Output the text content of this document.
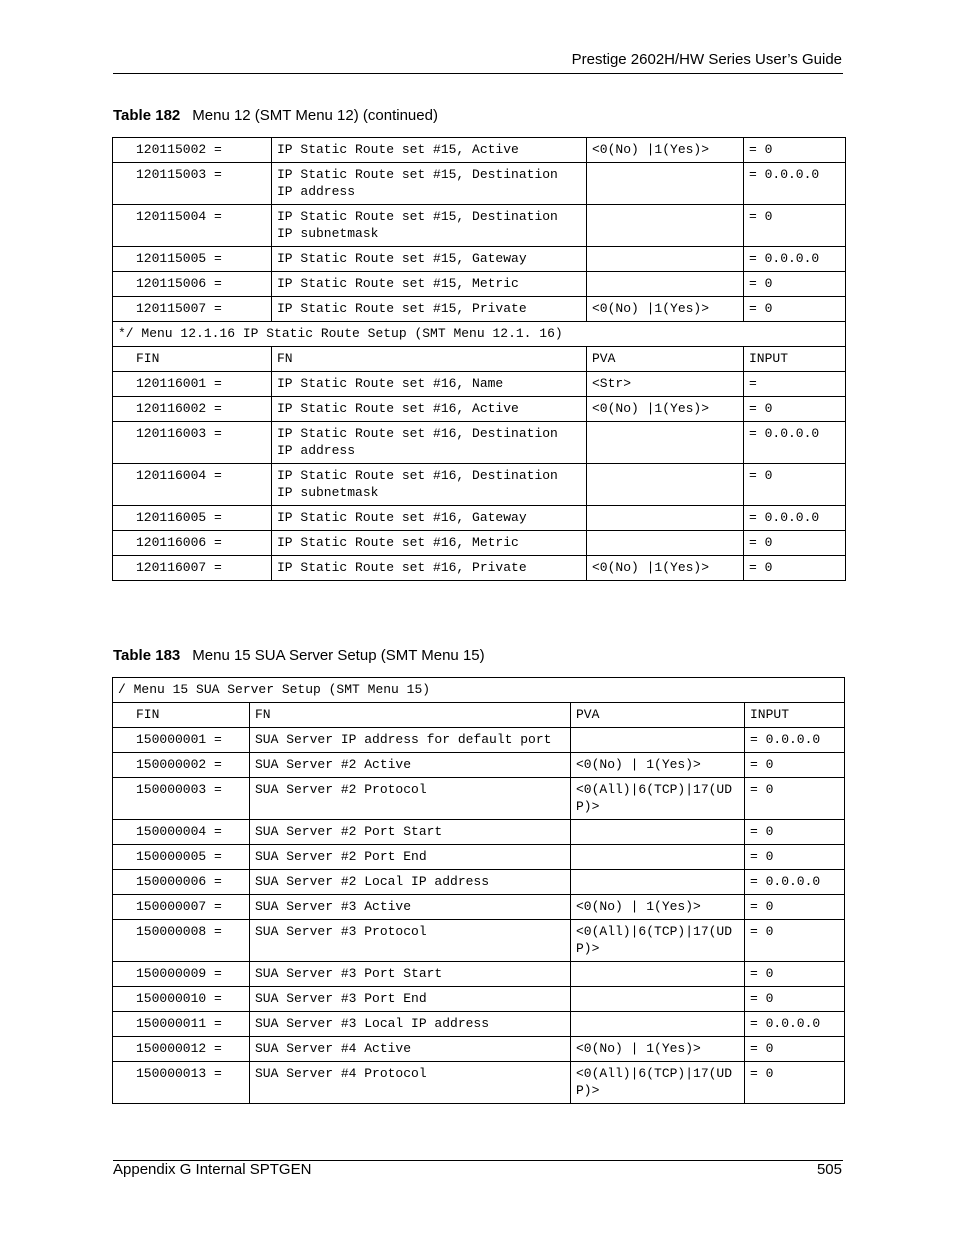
Prestige 2602H/HW Series User’s Guide
Table 182 Menu 12 (SMT Menu 12) (continued)
120115002 =	IP Static Route set #15, Active	<0(No) |1(Yes)>	= 0
120115003 =	IP Static Route set #15, Destination IP address		= 0.0.0.0
120115004 =	IP Static Route set #15, Destination IP subnetmask		= 0
120115005 =	IP Static Route set #15, Gateway		= 0.0.0.0
120115006 =	IP Static Route set #15, Metric		= 0
120115007 =	IP Static Route set #15, Private	<0(No) |1(Yes)>	= 0
*/ Menu 12.1.16 IP Static Route Setup (SMT Menu 12.1. 16)			
FIN	FN	PVA	INPUT
120116001 =	IP Static Route set #16, Name	<Str>	=
120116002 =	IP Static Route set #16, Active	<0(No) |1(Yes)>	= 0
120116003 =	IP Static Route set #16, Destination IP address		= 0.0.0.0
120116004 =	IP Static Route set #16, Destination IP subnetmask		= 0
120116005 =	IP Static Route set #16, Gateway		= 0.0.0.0
120116006 =	IP Static Route set #16, Metric		= 0
120116007 =	IP Static Route set #16, Private	<0(No) |1(Yes)>	= 0
Table 183 Menu 15 SUA Server Setup (SMT Menu 15)
/ Menu 15 SUA Server Setup (SMT Menu 15)			
FIN	FN	PVA	INPUT
150000001 =	SUA Server IP address for default port		= 0.0.0.0
150000002 =	SUA Server #2 Active	<0(No) | 1(Yes)>	= 0
150000003 =	SUA Server #2 Protocol	<0(All)|6(TCP)|17(UDP)>	= 0
150000004 =	SUA Server #2 Port Start		= 0
150000005 =	SUA Server #2 Port End		= 0
150000006 =	SUA Server #2 Local IP address		= 0.0.0.0
150000007 =	SUA Server #3 Active	<0(No) | 1(Yes)>	= 0
150000008 =	SUA Server #3 Protocol	<0(All)|6(TCP)|17(UDP)>	= 0
150000009 =	SUA Server #3 Port Start		= 0
150000010 =	SUA Server #3 Port End		= 0
150000011 =	SUA Server #3 Local IP address		= 0.0.0.0
150000012 =	SUA Server #4 Active	<0(No) | 1(Yes)>	= 0
150000013 =	SUA Server #4 Protocol	<0(All)|6(TCP)|17(UDP)>	= 0
Appendix G Internal SPTGEN	505
